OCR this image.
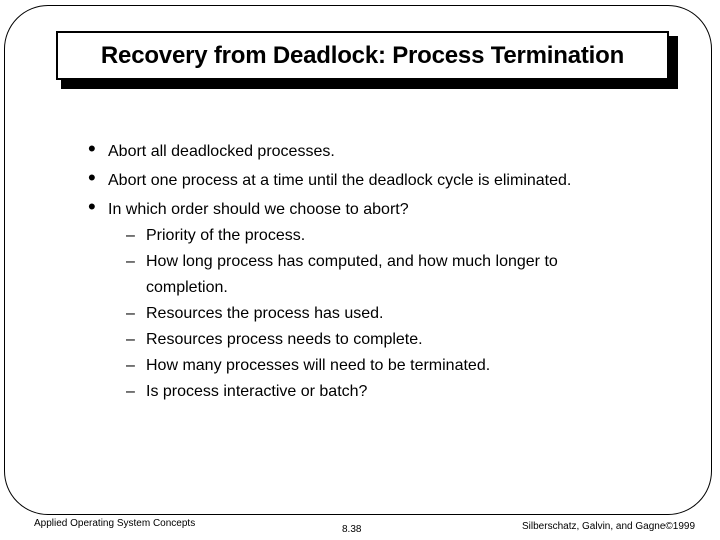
Recovery from Deadlock: Process Termination
• Abort all deadlocked processes.
• Abort one process at a time until the deadlock cycle is eliminated.
• In which order should we choose to abort?
– Priority of the process.
– How long process has computed, and how much longer to completion.
– Resources the process has used.
– Resources process needs to complete.
– How many processes will need to be terminated.
– Is process interactive or batch?
Applied Operating System Concepts
8.38	Silberschatz, Galvin, and Gagne©1999
